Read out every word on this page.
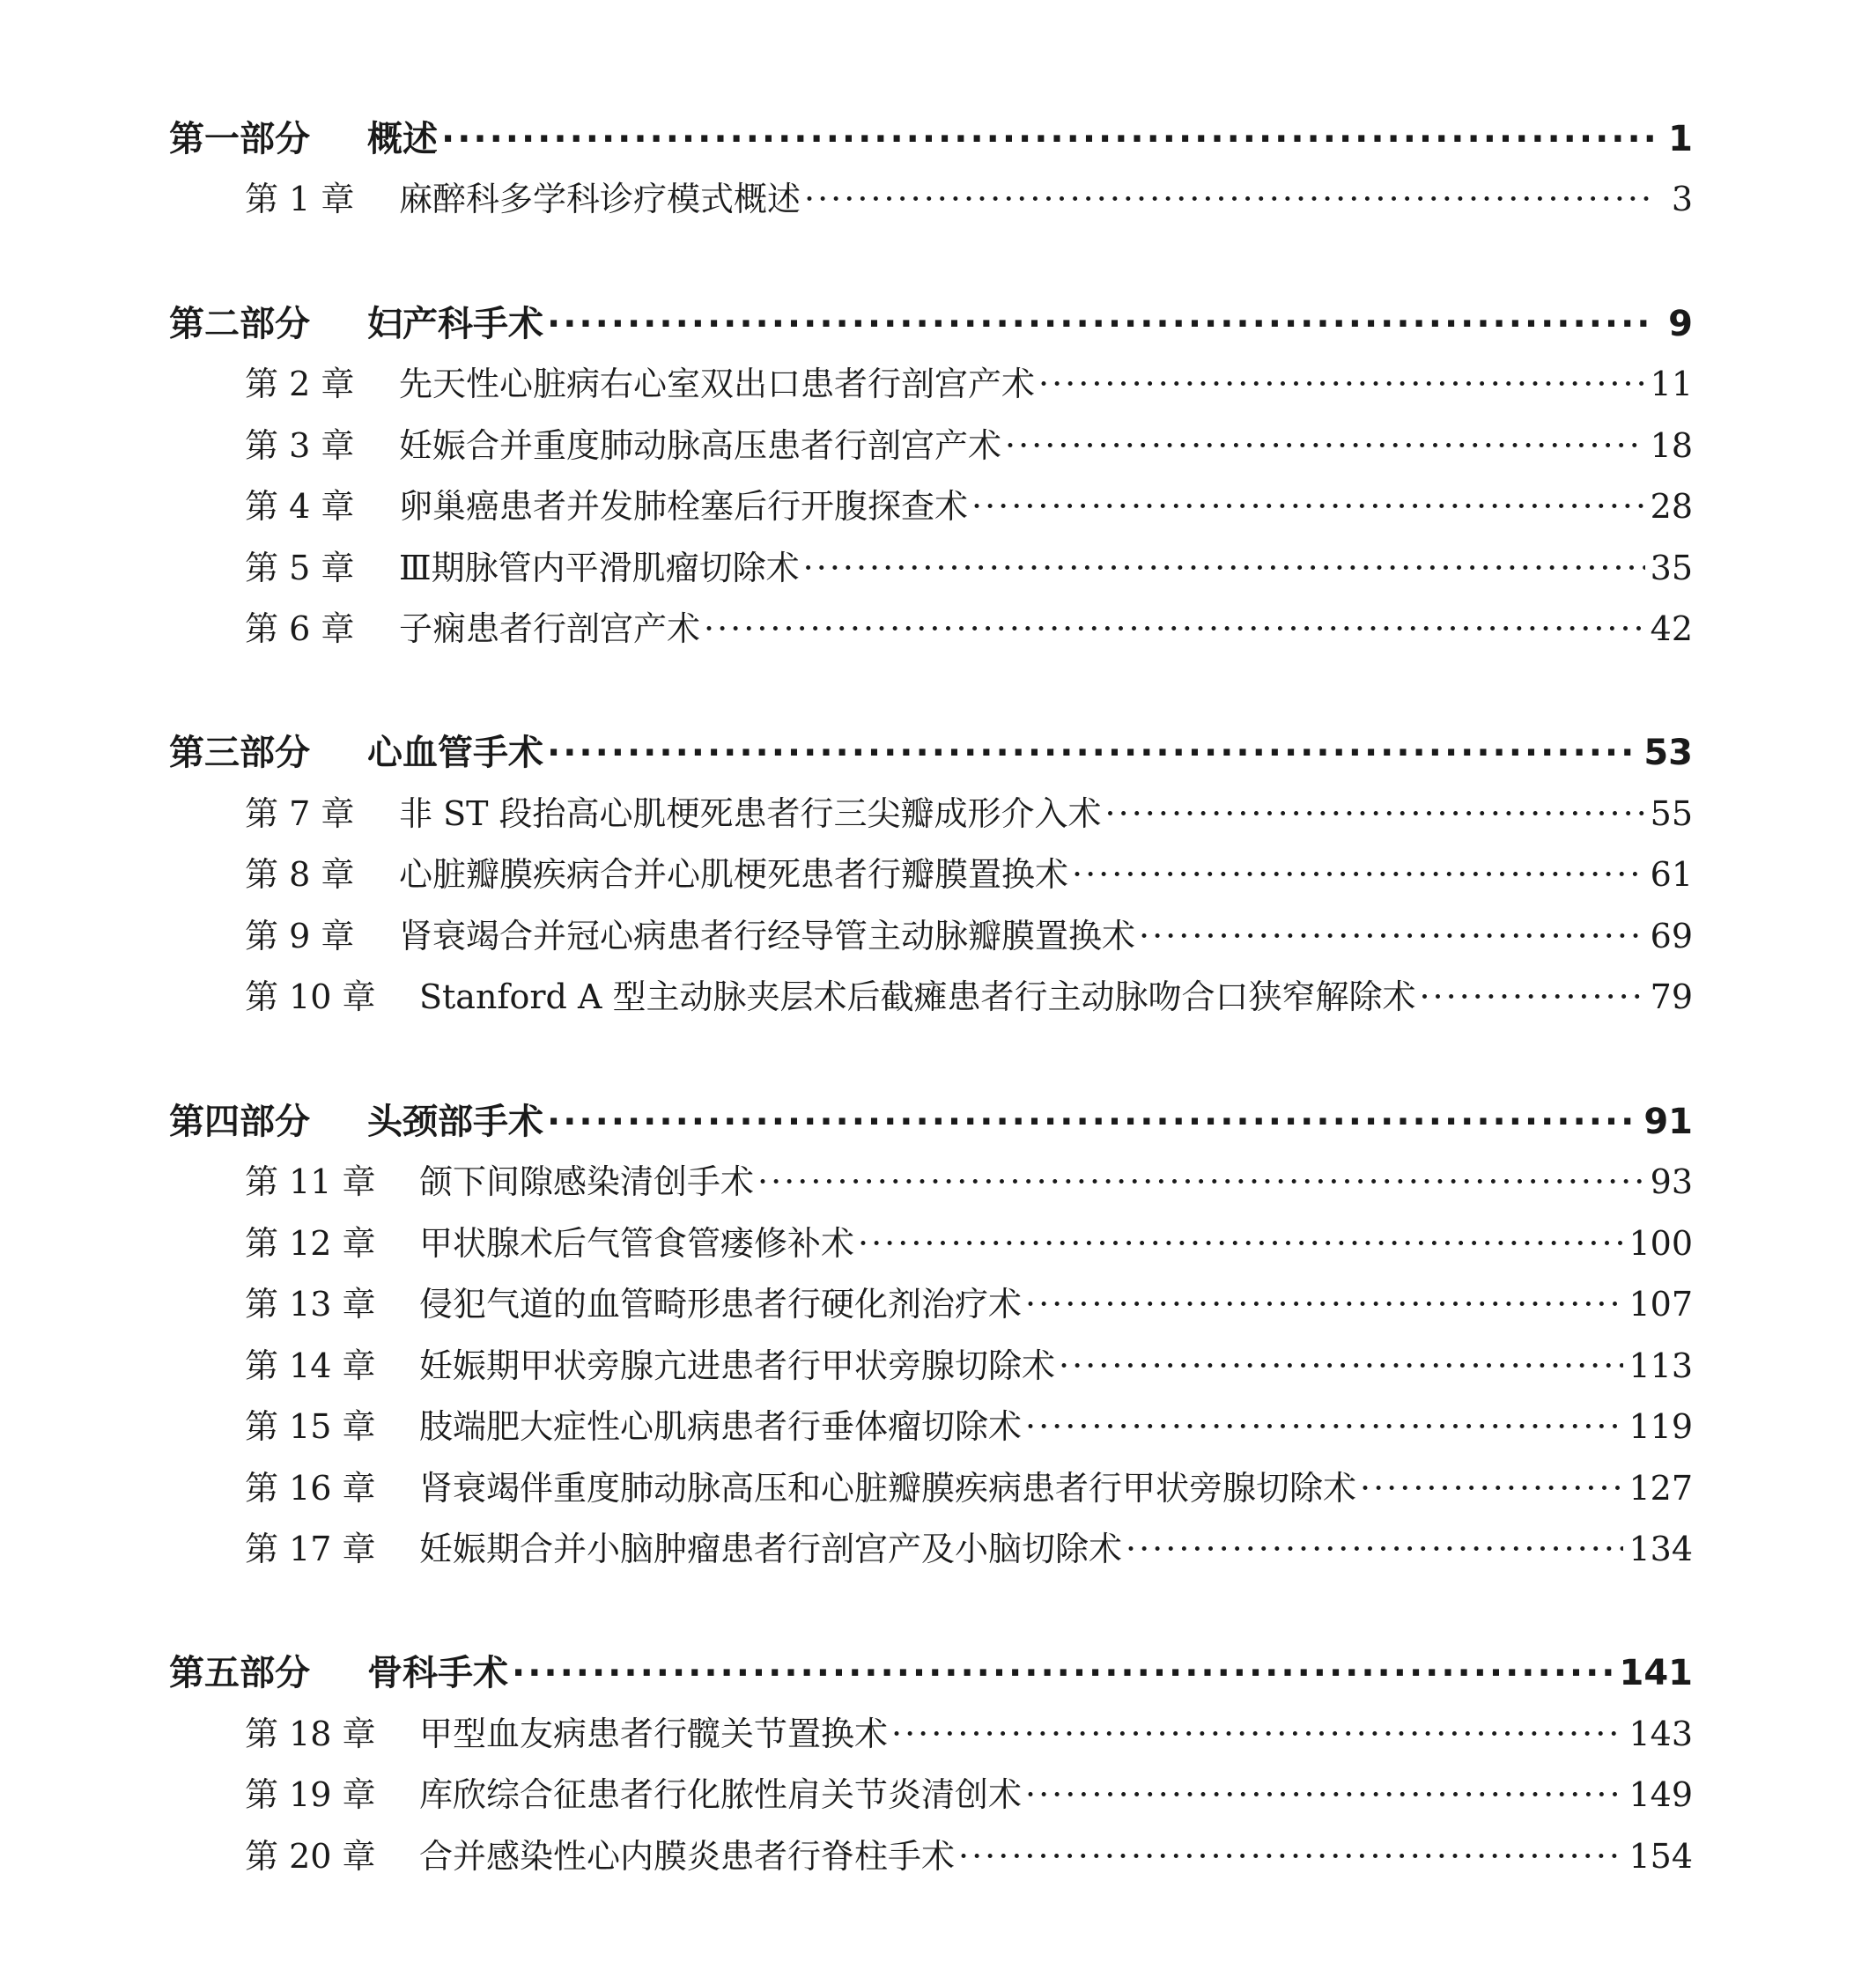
第一部分	概述 ·····	1
第 1 章	麻醉科多学科诊疗模式概述 ·····	3
第二部分	妇产科手术 ·····	9
第 2 章	先天性心脏病右心室双出口患者行剖宫产术 ·····	11
第 3 章	妊娠合并重度肺动脉高压患者行剖宫产术 ·····	18
第 4 章	卵巢癌患者并发肺栓塞后行开腹探查术 ·····	28
第 5 章	Ⅲ期脉管内平滑肌瘤切除术 ·····	35
第 6 章	子痫患者行剖宫产术 ·····	42
第三部分	心血管手术 ·····	53
第 7 章	非 ST 段抬高心肌梗死患者行三尖瓣成形介入术 ·····	55
第 8 章	心脏瓣膜疾病合并心肌梗死患者行瓣膜置换术 ·····	61
第 9 章	肾衰竭合并冠心病患者行经导管主动脉瓣膜置换术 ·····	69
第 10 章	Stanford A 型主动脉夹层术后截瘫患者行主动脉吻合口狭窄解除术 ·····	79
第四部分	头颈部手术 ·····	91
第 11 章	颌下间隙感染清创手术 ·····	93
第 12 章	甲状腺术后气管食管瘘修补术 ·····	100
第 13 章	侵犯气道的血管畸形患者行硬化剂治疗术 ·····	107
第 14 章	妊娠期甲状旁腺亢进患者行甲状旁腺切除术 ·····	113
第 15 章	肢端肥大症性心肌病患者行垂体瘤切除术 ·····	119
第 16 章	肾衰竭伴重度肺动脉高压和心脏瓣膜疾病患者行甲状旁腺切除术 ·····	127
第 17 章	妊娠期合并小脑肿瘤患者行剖宫产及小脑切除术 ·····	134
第五部分	骨科手术 ·····	141
第 18 章	甲型血友病患者行髋关节置换术 ·····	143
第 19 章	库欣综合征患者行化脓性肩关节炎清创术 ·····	149
第 20 章	合并感染性心内膜炎患者行脊柱手术 ·····	154
